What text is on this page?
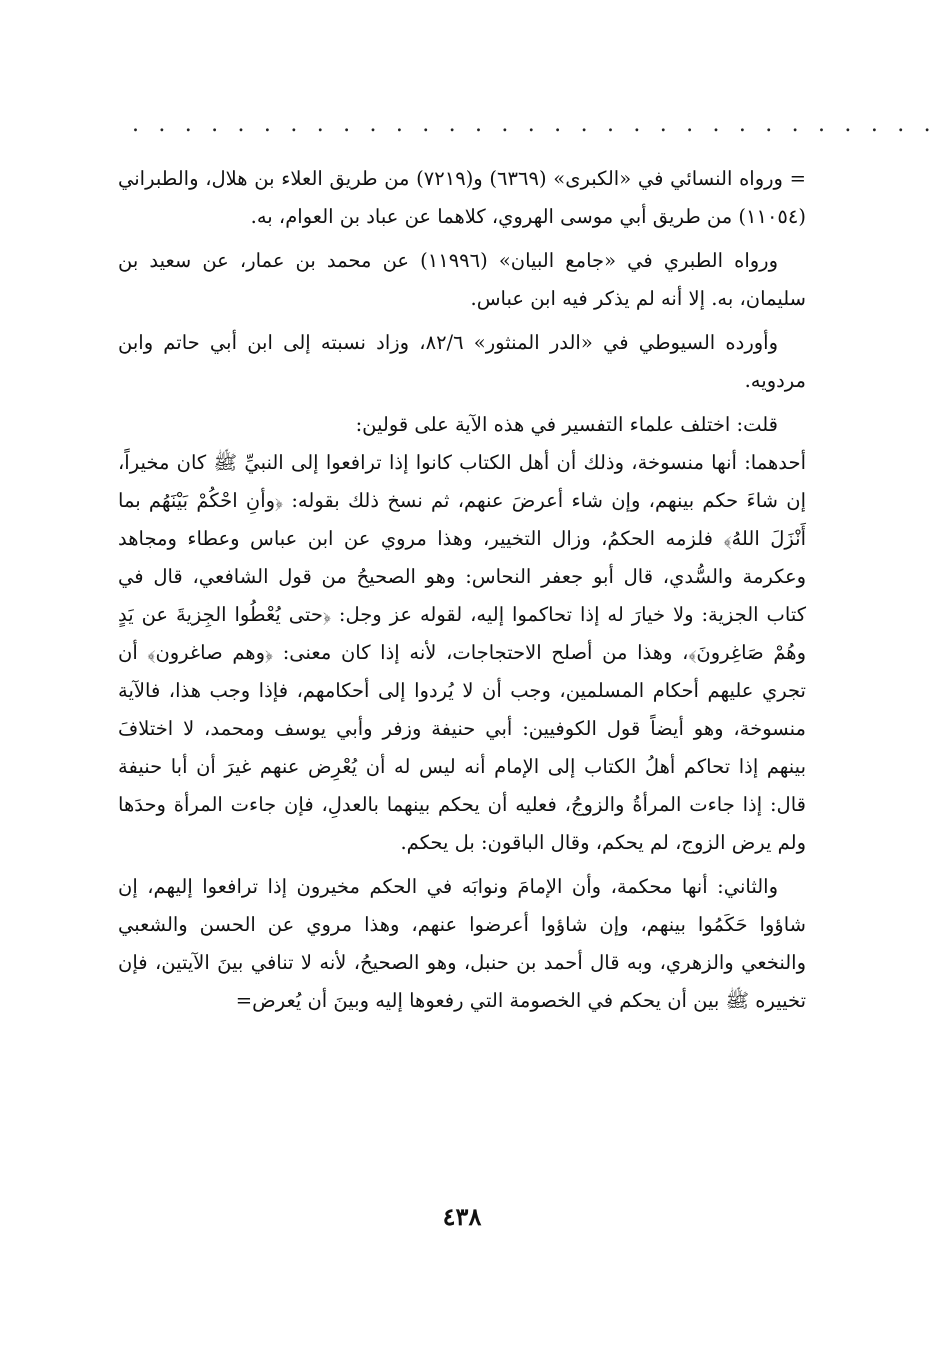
. . . . . . . . . . . . . . . . . . . . . . . . . . . . . . .

= ورواه النسائي في «الكبرى» (٦٣٦٩) و(٧٢١٩) من طريق العلاء بن هلال، والطبراني (١١٠٥٤) من طريق أبي موسى الهروي، كلاهما عن عباد بن العوام، به.

ورواه الطبري في «جامع البيان» (١١٩٩٦) عن محمد بن عمار، عن سعيد بن سليمان، به. إلا أنه لم يذكر فيه ابن عباس.

وأورده السيوطي في «الدر المنثور» ٨٢/٦، وزاد نسبته إلى ابن أبي حاتم وابن مردويه.

قلت: اختلف علماء التفسير في هذه الآية على قولين:

أحدهما: أنها منسوخة، وذلك أن أهل الكتاب كانوا إذا ترافعوا إلى النبيِّ ﷺ كان مخيراً، إن شاءَ حكم بينهم، وإن شاء أعرضَ عنهم، ثم نسخ ذلك بقوله: ﴿وأنِ احْكُمْ بَيْنَهُم بما أَنْزَلَ اللهُ﴾ فلزمه الحكمُ، وزال التخيير، وهذا مروي عن ابن عباس وعطاء ومجاهد وعكرمة والسُّدي، قال أبو جعفر النحاس: وهو الصحيحُ من قول الشافعي، قال في كتاب الجزية: ولا خيارَ له إذا تحاكموا إليه، لقوله عز وجل: ﴿حتى يُعْطُوا الجِزيةَ عن يَدٍ وهُمْ صَاغِرونَ﴾، وهذا من أصلح الاحتجاجات، لأنه إذا كان معنى: ﴿وهم صاغرون﴾ أن تجري عليهم أحكام المسلمين، وجب أن لا يُردوا إلى أحكامهم، فإذا وجب هذا، فالآية منسوخة، وهو أيضاً قول الكوفيين: أبي حنيفة وزفر وأبي يوسف ومحمد، لا اختلافَ بينهم إذا تحاكم أهلُ الكتاب إلى الإمام أنه ليس له أن يُعْرِض عنهم غيرَ أن أبا حنيفة قال: إذا جاءت المرأةُ والزوجُ، فعليه أن يحكم بينهما بالعدلِ، فإن جاءت المرأة وحدَها ولم يرض الزوج، لم يحكم، وقال الباقون: بل يحكم.

والثاني: أنها محكمة، وأن الإمامَ ونوابَه في الحكم مخيرون إذا ترافعوا إليهم، إن شاؤوا حَكَمُوا بينهم، وإن شاؤوا أعرضوا عنهم، وهذا مروي عن الحسن والشعبي والنخعي والزهري، وبه قال أحمد بن حنبل، وهو الصحيحُ، لأنه لا تنافي بينَ الآيتين، فإن تخييره ﷺ بين أن يحكم في الخصومة التي رفعوها إليه وبينَ أن يُعرض=

٤٣٨
